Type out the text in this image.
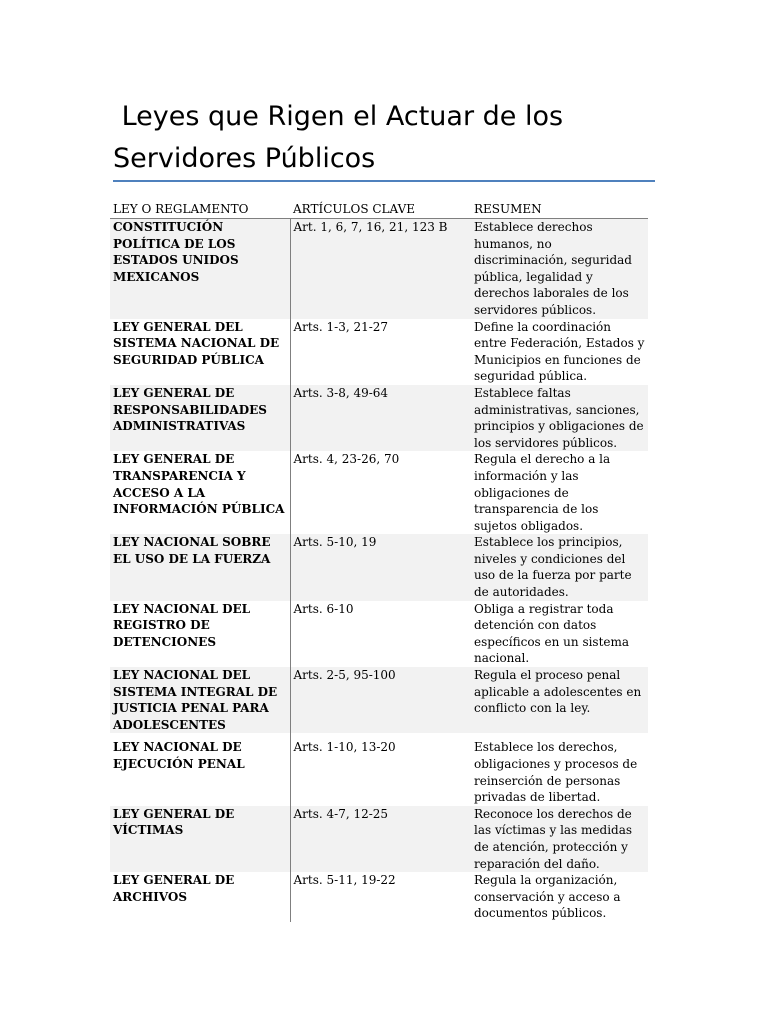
Leyes que Rigen el Actuar de los Servidores Públicos
LEY O REGLAMENTO	ARTÍCULOS CLAVE	RESUMEN
CONSTITUCIÓN POLÍTICA DE LOS ESTADOS UNIDOS MEXICANOS	Art. 1, 6, 7, 16, 21, 123 B	Establece derechos humanos, no discriminación, seguridad pública, legalidad y derechos laborales de los servidores públicos.
LEY GENERAL DEL SISTEMA NACIONAL DE SEGURIDAD PÚBLICA	Arts. 1-3, 21-27	Define la coordinación entre Federación, Estados y Municipios en funciones de seguridad pública.
LEY GENERAL DE RESPONSABILIDADES ADMINISTRATIVAS	Arts. 3-8, 49-64	Establece faltas administrativas, sanciones, principios y obligaciones de los servidores públicos.
LEY GENERAL DE TRANSPARENCIA Y ACCESO A LA INFORMACIÓN PÚBLICA	Arts. 4, 23-26, 70	Regula el derecho a la información y las obligaciones de transparencia de los sujetos obligados.
LEY NACIONAL SOBRE EL USO DE LA FUERZA	Arts. 5-10, 19	Establece los principios, niveles y condiciones del uso de la fuerza por parte de autoridades.
LEY NACIONAL DEL REGISTRO DE DETENCIONES	Arts. 6-10	Obliga a registrar toda detención con datos específicos en un sistema nacional.
LEY NACIONAL DEL SISTEMA INTEGRAL DE JUSTICIA PENAL PARA ADOLESCENTES	Arts. 2-5, 95-100	Regula el proceso penal aplicable a adolescentes en conflicto con la ley.
LEY NACIONAL DE EJECUCIÓN PENAL	Arts. 1-10, 13-20	Establece los derechos, obligaciones y procesos de reinserción de personas privadas de libertad.
LEY GENERAL DE VÍCTIMAS	Arts. 4-7, 12-25	Reconoce los derechos de las víctimas y las medidas de atención, protección y reparación del daño.
LEY GENERAL DE ARCHIVOS	Arts. 5-11, 19-22	Regula la organización, conservación y acceso a documentos públicos.
